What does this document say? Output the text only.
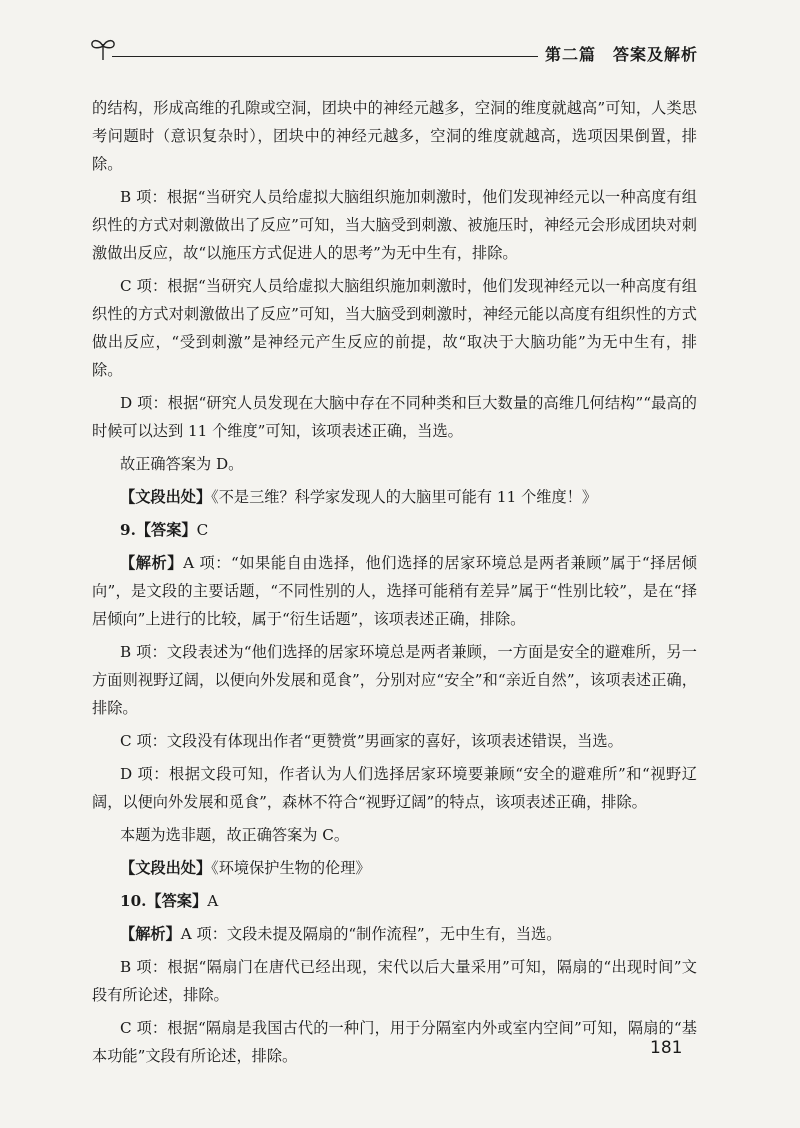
第二篇　答案及解析

的结构，形成高维的孔隙或空洞，团块中的神经元越多，空洞的维度就越高”可知，人类思考问题时（意识复杂时），团块中的神经元越多，空洞的维度就越高，选项因果倒置，排除。

B 项：根据“当研究人员给虚拟大脑组织施加刺激时，他们发现神经元以一种高度有组织性的方式对刺激做出了反应”可知，当大脑受到刺激、被施压时，神经元会形成团块对刺激做出反应，故“以施压方式促进人的思考”为无中生有，排除。

C 项：根据“当研究人员给虚拟大脑组织施加刺激时，他们发现神经元以一种高度有组织性的方式对刺激做出了反应”可知，当大脑受到刺激时，神经元能以高度有组织性的方式做出反应，“受到刺激”是神经元产生反应的前提，故“取决于大脑功能”为无中生有，排除。

D 项：根据“研究人员发现在大脑中存在不同种类和巨大数量的高维几何结构”“最高的时候可以达到 11 个维度”可知，该项表述正确，当选。

故正确答案为 D。

【文段出处】《不是三维？科学家发现人的大脑里可能有 11 个维度！》

9.【答案】C

【解析】A 项：“如果能自由选择，他们选择的居家环境总是两者兼顾”属于“择居倾向”，是文段的主要话题，“不同性别的人，选择可能稍有差异”属于“性别比较”，是在“择居倾向”上进行的比较，属于“衍生话题”，该项表述正确，排除。

B 项：文段表述为“他们选择的居家环境总是两者兼顾，一方面是安全的避难所，另一方面则视野辽阔，以便向外发展和觅食”，分别对应“安全”和“亲近自然”，该项表述正确，排除。

C 项：文段没有体现出作者“更赞赏”男画家的喜好，该项表述错误，当选。

D 项：根据文段可知，作者认为人们选择居家环境要兼顾“安全的避难所”和“视野辽阔，以便向外发展和觅食”，森林不符合“视野辽阔”的特点，该项表述正确，排除。

本题为选非题，故正确答案为 C。

【文段出处】《环境保护生物的伦理》

10.【答案】A

【解析】A 项：文段未提及隔扇的“制作流程”，无中生有，当选。

B 项：根据“隔扇门在唐代已经出现，宋代以后大量采用”可知，隔扇的“出现时间”文段有所论述，排除。

C 项：根据“隔扇是我国古代的一种门，用于分隔室内外或室内空间”可知，隔扇的“基本功能”文段有所论述，排除。	181
